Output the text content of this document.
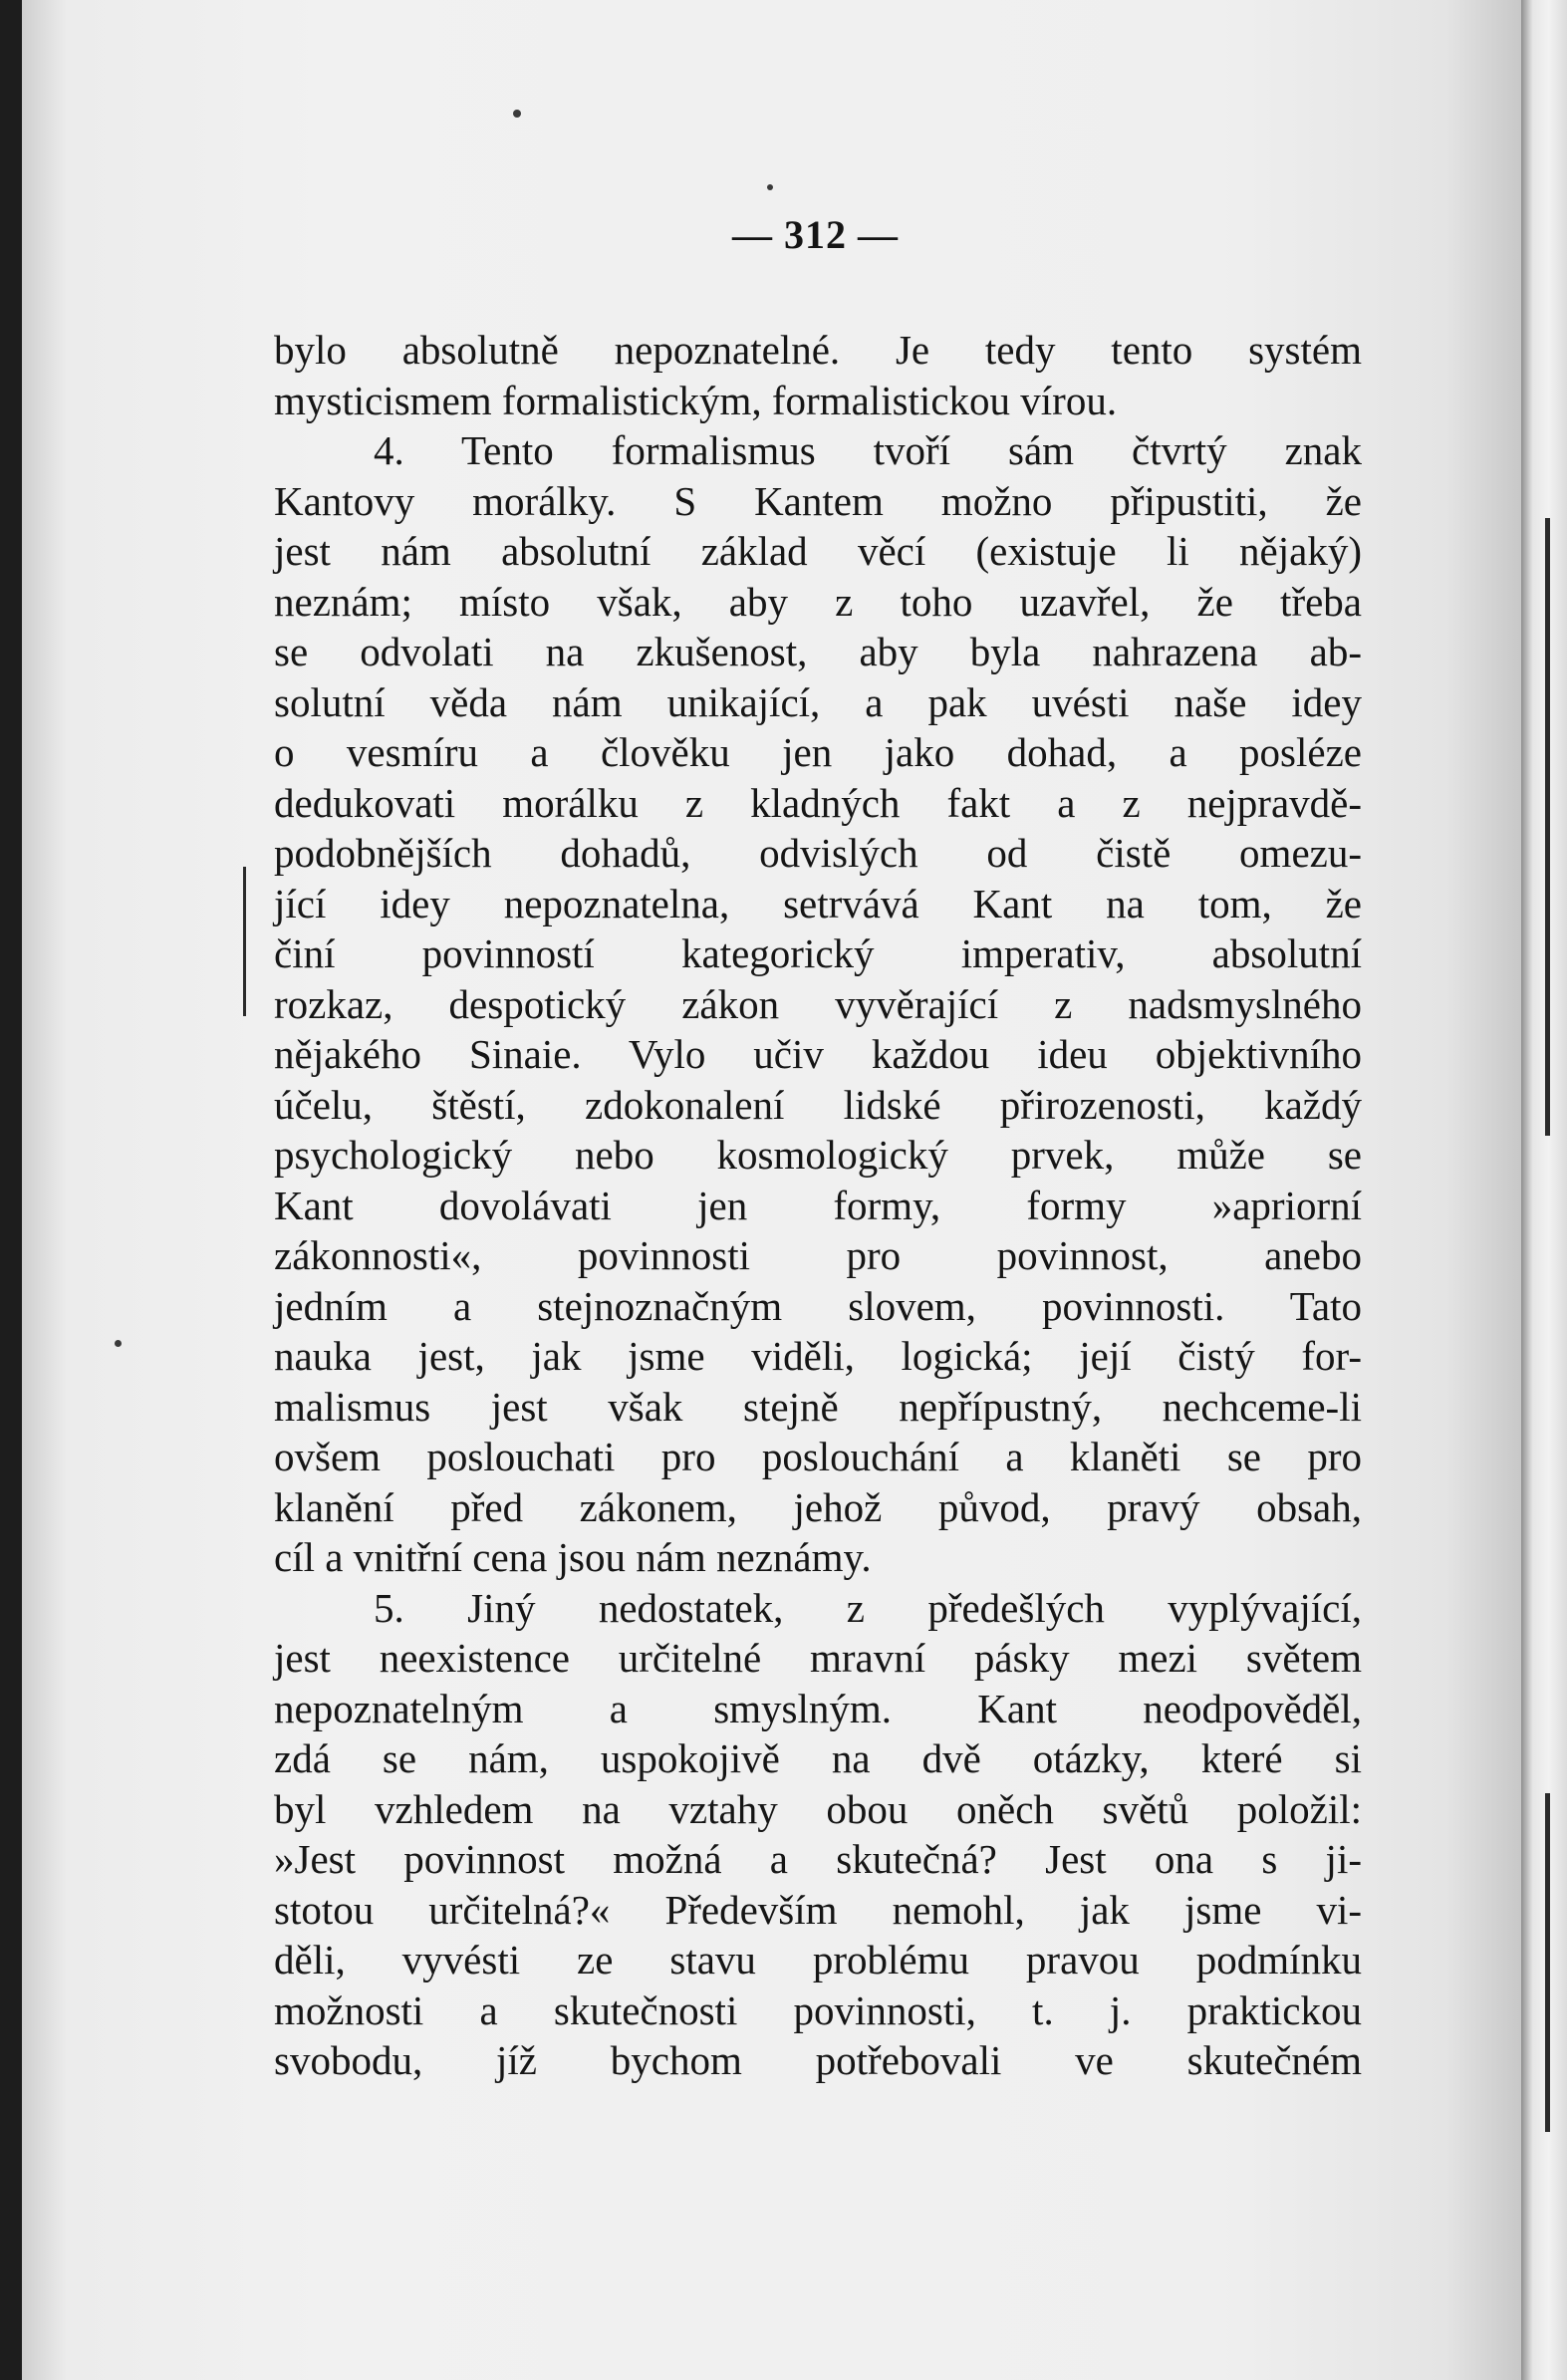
— 312 —
bylo absolutně nepoznatelné. Je tedy tento systém
mysticismem formalistickým, formalistickou vírou.
4. Tento formalismus tvoří sám čtvrtý znak
Kantovy morálky. S Kantem možno připustiti, že
jest nám absolutní základ věcí (existuje li nějaký)
neznám; místo však, aby z toho uzavřel, že třeba
se odvolati na zkušenost, aby byla nahrazena ab-
solutní věda nám unikající, a pak uvésti naše idey
o vesmíru a člověku jen jako dohad, a posléze
dedukovati morálku z kladných fakt a z nejpravdě-
podobnějších dohadů, odvislých od čistě omezu-
jící idey nepoznatelna, setrvává Kant na tom, že
činí povinností kategorický imperativ, absolutní
rozkaz, despotický zákon vyvěrající z nadsmyslného
nějakého Sinaie. Vylo učiv každou ideu objektivního
účelu, štěstí, zdokonalení lidské přirozenosti, každý
psychologický nebo kosmologický prvek, může se
Kant dovolávati jen formy, formy »apriorní
zákonnosti«, povinnosti pro povinnost, anebo
jedním a stejnoznačným slovem, povinnosti. Tato
nauka jest, jak jsme viděli, logická; její čistý for-
malismus jest však stejně nepřípustný, nechceme-li
ovšem poslouchati pro poslouchání a klaněti se pro
klanění před zákonem, jehož původ, pravý obsah,
cíl a vnitřní cena jsou nám neznámy.
5. Jiný nedostatek, z předešlých vyplývající,
jest neexistence určitelné mravní pásky mezi světem
nepoznatelným a smyslným. Kant neodpověděl,
zdá se nám, uspokojivě na dvě otázky, které si
byl vzhledem na vztahy obou oněch světů položil:
»Jest povinnost možná a skutečná? Jest ona s ji-
stotou určitelná?« Především nemohl, jak jsme vi-
děli, vyvésti ze stavu problému pravou podmínku
možnosti a skutečnosti povinnosti, t. j. praktickou
svobodu, jíž bychom potřebovali ve skutečném
